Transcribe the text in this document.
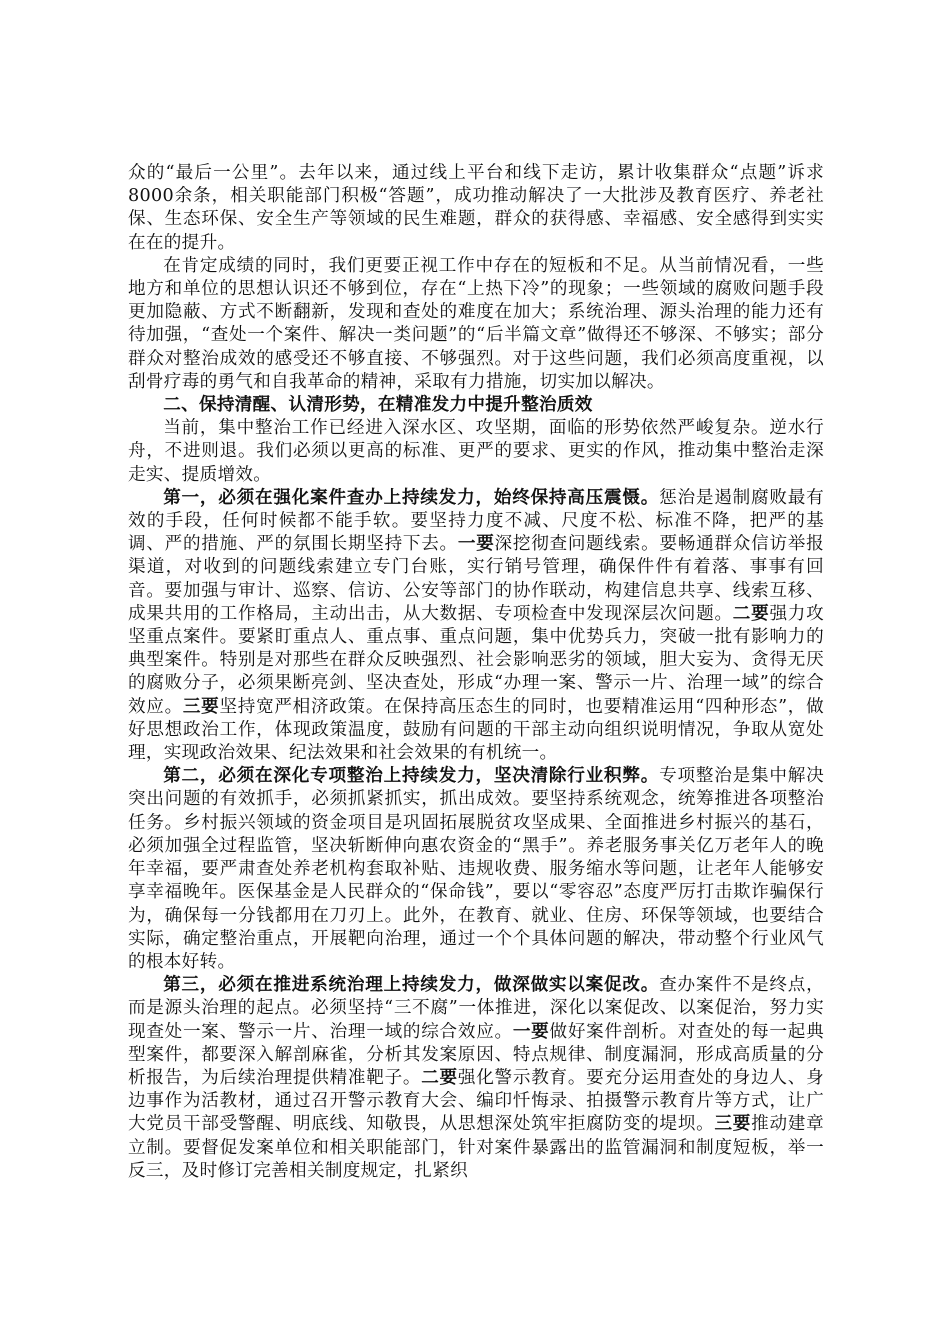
众的“最后一公里”。去年以来，通过线上平台和线下走访，累计收集群众“点题”诉求8000余条，相关职能部门积极“答题”，成功推动解决了一大批涉及教育医疗、养老社保、生态环保、安全生产等领域的民生难题，群众的获得感、幸福感、安全感得到实实在在的提升。

在肯定成绩的同时，我们更要正视工作中存在的短板和不足。从当前情况看，一些地方和单位的思想认识还不够到位，存在“上热下冷”的现象；一些领域的腐败问题手段更加隐蔽、方式不断翻新，发现和查处的难度在加大；系统治理、源头治理的能力还有待加强，“查处一个案件、解决一类问题”的“后半篇文章”做得还不够深、不够实；部分群众对整治成效的感受还不够直接、不够强烈。对于这些问题，我们必须高度重视，以刮骨疗毒的勇气和自我革命的精神，采取有力措施，切实加以解决。

二、保持清醒、认清形势，在精准发力中提升整治质效

当前，集中整治工作已经进入深水区、攻坚期，面临的形势依然严峻复杂。逆水行舟，不进则退。我们必须以更高的标准、更严的要求、更实的作风，推动集中整治走深走实、提质增效。

第一，必须在强化案件查办上持续发力，始终保持高压震慑。惩治是遏制腐败最有效的手段，任何时候都不能手软。要坚持力度不减、尺度不松、标准不降，把严的基调、严的措施、严的氛围长期坚持下去。一要深挖彻查问题线索。要畅通群众信访举报渠道，对收到的问题线索建立专门台账，实行销号管理，确保件件有着落、事事有回音。要加强与审计、巡察、信访、公安等部门的协作联动，构建信息共享、线索互移、成果共用的工作格局，主动出击，从大数据、专项检查中发现深层次问题。二要强力攻坚重点案件。要紧盯重点人、重点事、重点问题，集中优势兵力，突破一批有影响力的典型案件。特别是对那些在群众反映强烈、社会影响恶劣的领域，胆大妄为、贪得无厌的腐败分子，必须果断亮剑、坚决查处，形成“办理一案、警示一片、治理一域”的综合效应。三要坚持宽严相济政策。在保持高压态生的同时，也要精准运用“四种形态”，做好思想政治工作，体现政策温度，鼓励有问题的干部主动向组织说明情况，争取从宽处理，实现政治效果、纪法效果和社会效果的有机统一。

第二，必须在深化专项整治上持续发力，坚决清除行业积弊。专项整治是集中解决突出问题的有效抓手，必须抓紧抓实，抓出成效。要坚持系统观念，统筹推进各项整治任务。乡村振兴领域的资金项目是巩固拓展脱贫攻坚成果、全面推进乡村振兴的基石，必须加强全过程监管，坚决斩断伸向惠农资金的“黑手”。养老服务事关亿万老年人的晚年幸福，要严肃查处养老机构套取补贴、违规收费、服务缩水等问题，让老年人能够安享幸福晚年。医保基金是人民群众的“保命钱”，要以“零容忍”态度严厉打击欺诈骗保行为，确保每一分钱都用在刀刃上。此外，在教育、就业、住房、环保等领域，也要结合实际，确定整治重点，开展靶向治理，通过一个个具体问题的解决，带动整个行业风气的根本好转。

第三，必须在推进系统治理上持续发力，做深做实以案促改。查办案件不是终点，而是源头治理的起点。必须坚持“三不腐”一体推进，深化以案促改、以案促治，努力实现查处一案、警示一片、治理一域的综合效应。一要做好案件剖析。对查处的每一起典型案件，都要深入解剖麻雀，分析其发案原因、特点规律、制度漏洞，形成高质量的分析报告，为后续治理提供精准靶子。二要强化警示教育。要充分运用查处的身边人、身边事作为活教材，通过召开警示教育大会、编印忏悔录、拍摄警示教育片等方式，让广大党员干部受警醒、明底线、知敬畏，从思想深处筑牢拒腐防变的堤坝。三要推动建章立制。要督促发案单位和相关职能部门，针对案件暴露出的监管漏洞和制度短板，举一反三，及时修订完善相关制度规定，扎紧织
